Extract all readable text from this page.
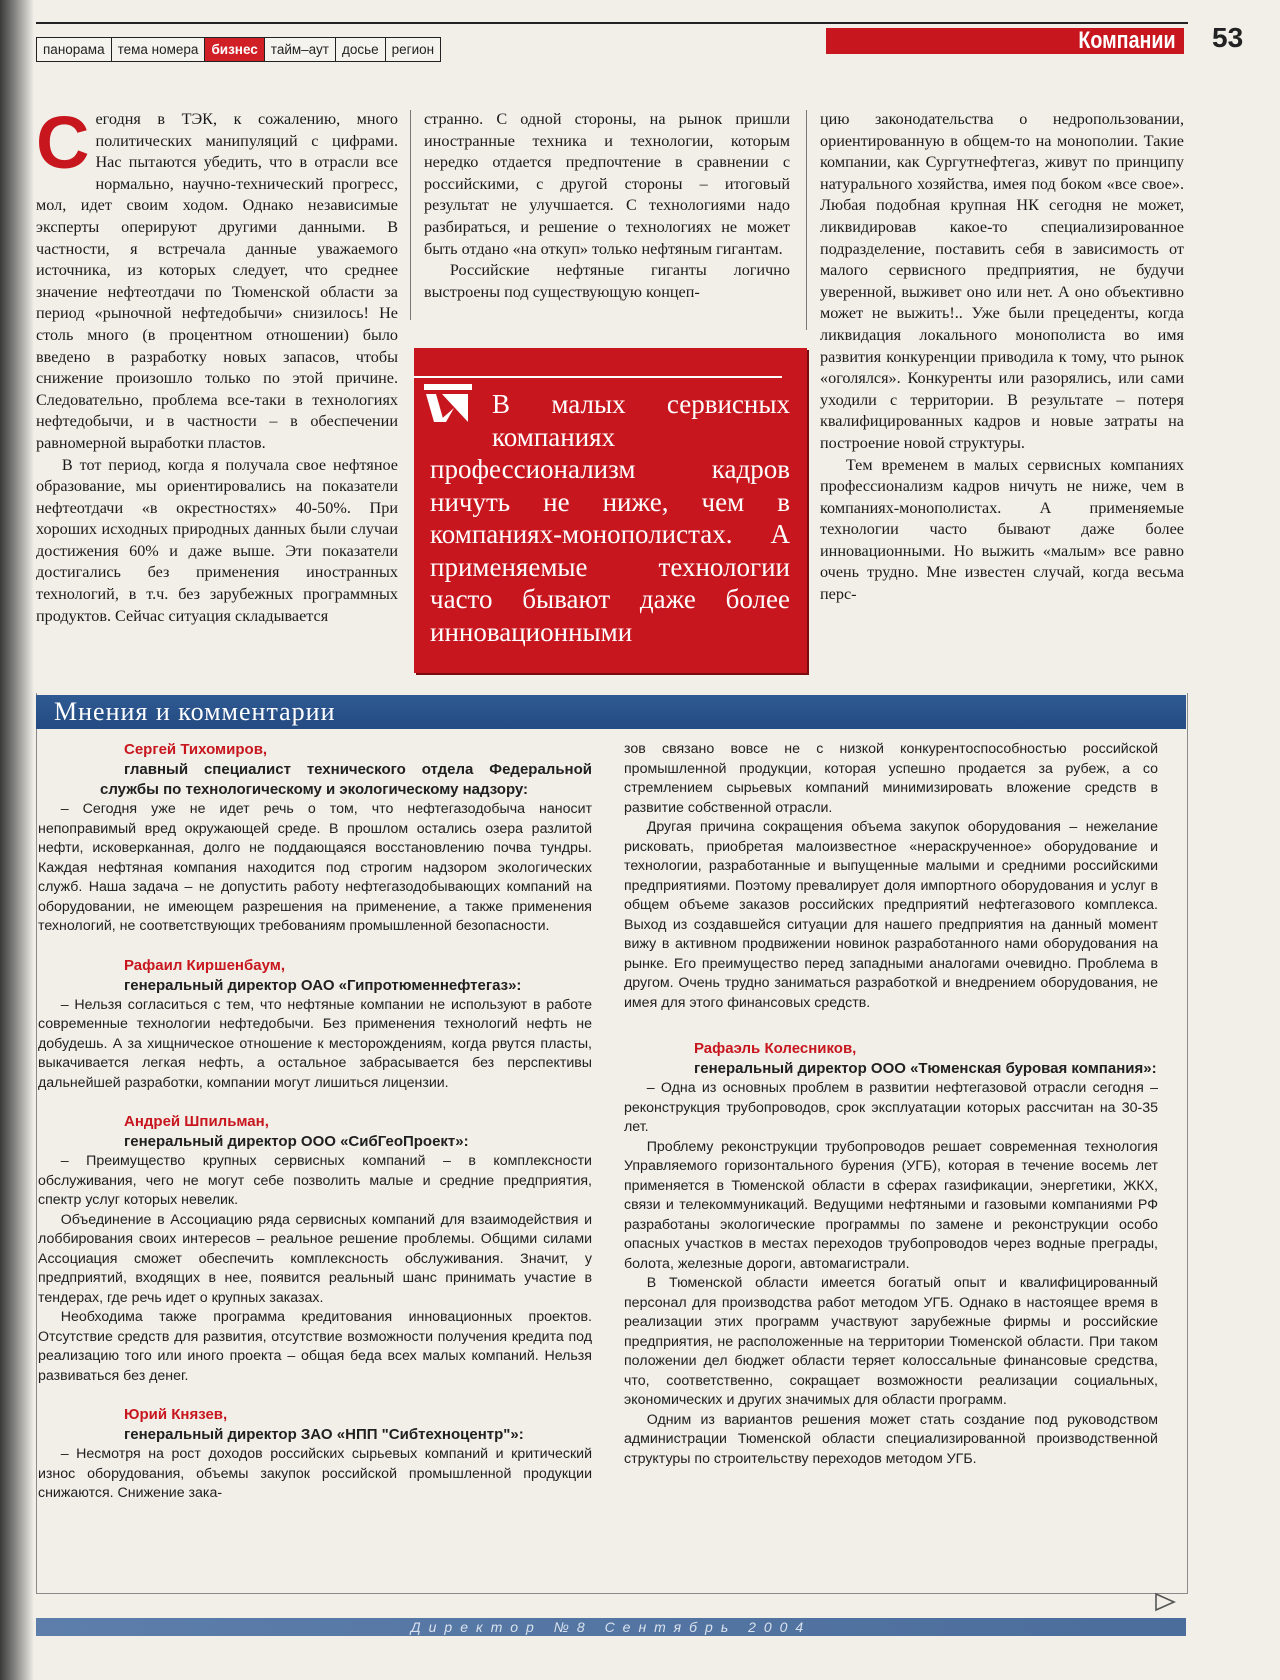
панорама тема номера бизнес тайм–аут досье регион	Компании 53

Сегодня в ТЭК, к сожалению, много политических манипуляций с цифрами. Нас пытаются убедить, что в отрасли все нормально, научно-технический прогресс, мол, идет своим ходом. Однако независимые эксперты оперируют другими данными. В частности, я встречала данные уважаемого источника, из которых следует, что среднее значение нефтеотдачи по Тюменской области за период «рыночной нефтедобычи» снизилось! Не столь много (в процентном отношении) было введено в разработку новых запасов, чтобы снижение произошло только по этой причине. Следовательно, проблема все-таки в технологиях нефтедобычи, и в частности – в обеспечении равномерной выработки пластов.

В тот период, когда я получала свое нефтяное образование, мы ориентировались на показатели нефтеотдачи «в окрестностях» 40-50%. При хороших исходных природных данных были случаи достижения 60% и даже выше. Эти показатели достигались без применения иностранных технологий, в т.ч. без зарубежных программных продуктов. Сейчас ситуация складывается

странно. С одной стороны, на рынок пришли иностранные техника и технологии, которым нередко отдается предпочтение в сравнении с российскими, с другой стороны – итоговый результат не улучшается. С технологиями надо разбираться, и решение о технологиях не может быть отдано «на откуп» только нефтяным гигантам.

Российские нефтяные гиганты логично выстроены под существующую концеп-

цию законодательства о недропользовании, ориентированную в общем-то на монополии. Такие компании, как Сургутнефтегаз, живут по принципу натурального хозяйства, имея под боком «все свое». Любая подобная крупная НК сегодня не может, ликвидировав какое-то специализированное подразделение, поставить себя в зависимость от малого сервисного предприятия, не будучи уверенной, выживет оно или нет. А оно объективно может не выжить!.. Уже были прецеденты, когда ликвидация локального монополиста во имя развития конкуренции приводила к тому, что рынок «оголялся». Конкуренты или разорялись, или сами уходили с территории. В результате – потеря квалифицированных кадров и новые затраты на построение новой структуры.

Тем временем в малых сервисных компаниях профессионализм кадров ничуть не ниже, чем в компаниях-монополистах. А применяемые технологии часто бывают даже более инновационными. Но выжить «малым» все равно очень трудно. Мне известен случай, когда весьма перс-

В малых сервисных компаниях профессионализм кадров ничуть не ниже, чем в компаниях-монополистах. А применяемые технологии часто бывают даже более инновационными
Мнения и комментарии

Сергей Тихомиров,

главный специалист технического отдела Федеральной службы по технологическому и экологическому надзору:

– Сегодня уже не идет речь о том, что нефтегазодобыча наносит непоправимый вред окружающей среде. В прошлом остались озера разлитой нефти, исковерканная, долго не поддающаяся восстановлению почва тундры. Каждая нефтяная компания находится под строгим надзором экологических служб. Наша задача – не допустить работу нефтегазодобывающих компаний на оборудовании, не имеющем разрешения на применение, а также применения технологий, не соответствующих требованиям промышленной безопасности.

Рафаил Киршенбаум,

генеральный директор ОАО «Гипротюменнефтегаз»:

– Нельзя согласиться с тем, что нефтяные компании не используют в работе современные технологии нефтедобычи. Без применения технологий нефть не добудешь. А за хищническое отношение к месторождениям, когда рвутся пласты, выкачивается легкая нефть, а остальное забрасывается без перспективы дальнейшей разработки, компании могут лишиться лицензии.

Андрей Шпильман,

генеральный директор ООО «СибГеоПроект»:

– Преимущество крупных сервисных компаний – в комплексности обслуживания, чего не могут себе позволить малые и средние предприятия, спектр услуг которых невелик.

Объединение в Ассоциацию ряда сервисных компаний для взаимодействия и лоббирования своих интересов – реальное решение проблемы. Общими силами Ассоциация сможет обеспечить комплексность обслуживания. Значит, у предприятий, входящих в нее, появится реальный шанс принимать участие в тендерах, где речь идет о крупных заказах.

Необходима также программа кредитования инновационных проектов. Отсутствие средств для развития, отсутствие возможности получения кредита под реализацию того или иного проекта – общая беда всех малых компаний. Нельзя развиваться без денег.

Юрий Князев,

генеральный директор ЗАО «НПП "Сибтехноцентр"»:

– Несмотря на рост доходов российских сырьевых компаний и критический износ оборудования, объемы закупок российской промышленной продукции снижаются. Снижение зака-

зов связано вовсе не с низкой конкурентоспособностью российской промышленной продукции, которая успешно продается за рубеж, а со стремлением сырьевых компаний минимизировать вложение средств в развитие собственной отрасли.

Другая причина сокращения объема закупок оборудования – нежелание рисковать, приобретая малоизвестное «нераскрученное» оборудование и технологии, разработанные и выпущенные малыми и средними российскими предприятиями. Поэтому превалирует доля импортного оборудования и услуг в общем объеме заказов российских предприятий нефтегазового комплекса. Выход из создавшейся ситуации для нашего предприятия на данный момент вижу в активном продвижении новинок разработанного нами оборудования на рынке. Его преимущество перед западными аналогами очевидно. Проблема в другом. Очень трудно заниматься разработкой и внедрением оборудования, не имея для этого финансовых средств.

Рафаэль Колесников,

генеральный директор ООО «Тюменская буровая компания»:

– Одна из основных проблем в развитии нефтегазовой отрасли сегодня – реконструкция трубопроводов, срок эксплуатации которых рассчитан на 30-35 лет.

Проблему реконструкции трубопроводов решает современная технология Управляемого горизонтального бурения (УГБ), которая в течение восемь лет применяется в Тюменской области в сферах газификации, энергетики, ЖКХ, связи и телекоммуникаций. Ведущими нефтяными и газовыми компаниями РФ разработаны экологические программы по замене и реконструкции особо опасных участков в местах переходов трубопроводов через водные преграды, болота, железные дороги, автомагистрали.

В Тюменской области имеется богатый опыт и квалифицированный персонал для производства работ методом УГБ. Однако в настоящее время в реализации этих программ участвуют зарубежные фирмы и российские предприятия, не расположенные на территории Тюменской области. При таком положении дел бюджет области теряет колоссальные финансовые средства, что, соответственно, сокращает возможности реализации социальных, экономических и других значимых для области программ.

Одним из вариантов решения может стать создание под руководством администрации Тюменской области специализированной производственной структуры по строительству переходов методом УГБ.

Директор №8 Сентябрь 2004
